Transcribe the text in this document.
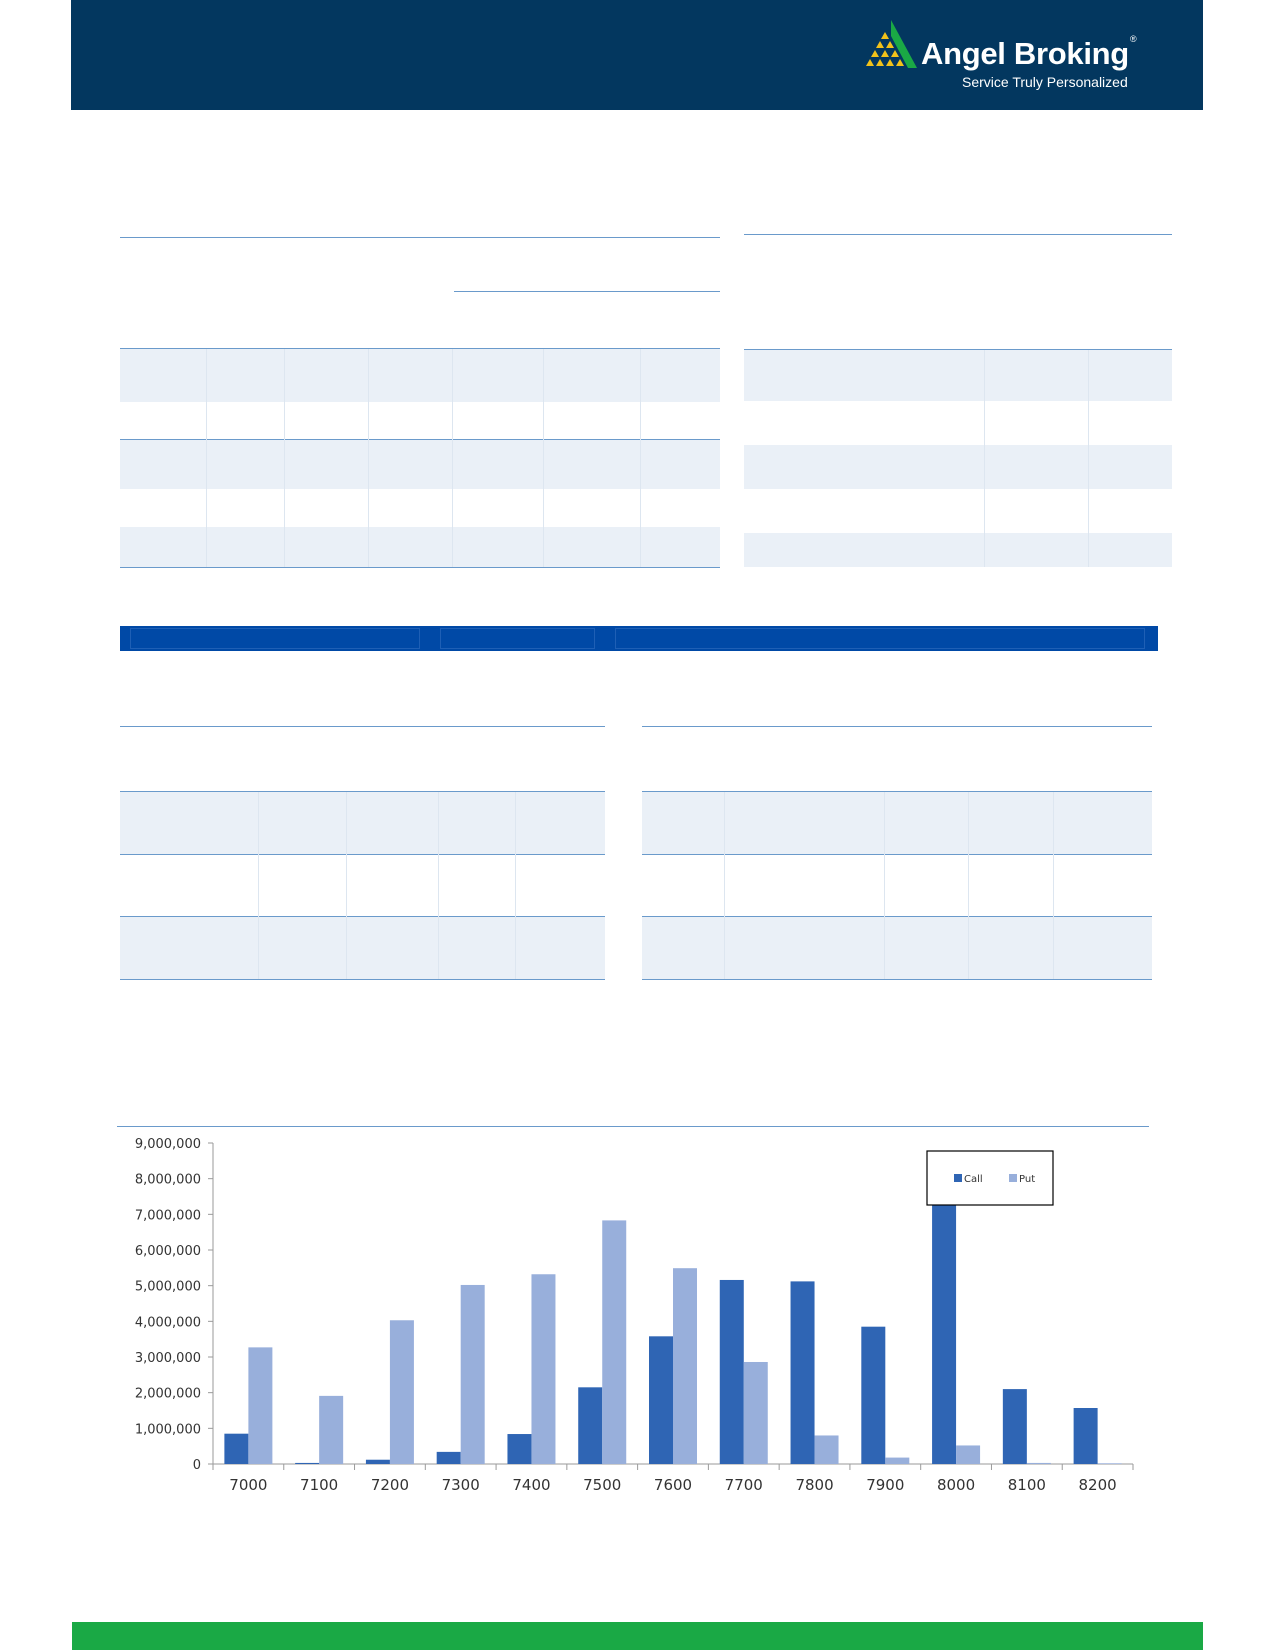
Angel Broking®
Service Truly Personalized
0
1,000,000
2,000,000
3,000,000
4,000,000
5,000,000
6,000,000
7,000,000
8,000,000
9,000,000
7000 7100 7200 7300 7400 7500 7600 7700 7800 7900 8000 8100 8200
Call	Put
